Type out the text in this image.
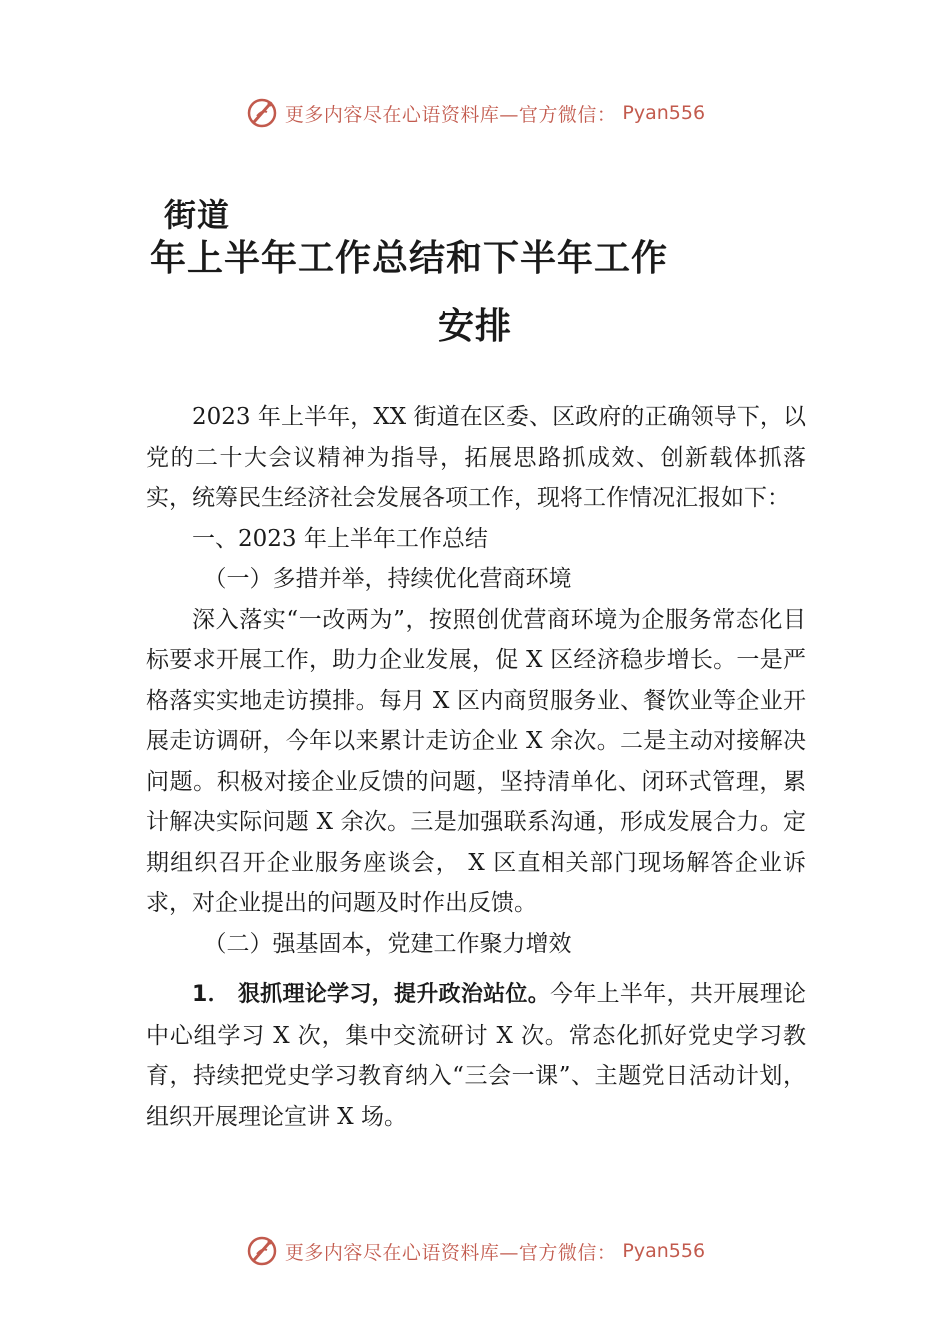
更多内容尽在心语资料库—官方微信： Pyan556
街道
年上半年工作总结和下半年工作
安排

2023 年上半年，XX 街道在区委、区政府的正确领导下，以党的二十大会议精神为指导，拓展思路抓成效、创新载体抓落实，统筹民生经济社会发展各项工作，现将工作情况汇报如下：

一、2023 年上半年工作总结

（一）多措并举，持续优化营商环境

深入落实“一改两为”，按照创优营商环境为企服务常态化目标要求开展工作，助力企业发展，促 X 区经济稳步增长。一是严格落实实地走访摸排。每月 X 区内商贸服务业、餐饮业等企业开展走访调研，今年以来累计走访企业 X 余次。二是主动对接解决问题。积极对接企业反馈的问题，坚持清单化、闭环式管理，累计解决实际问题 X 余次。三是加强联系沟通，形成发展合力。定期组织召开企业服务座谈会， X 区直相关部门现场解答企业诉求，对企业提出的问题及时作出反馈。

（二）强基固本，党建工作聚力增效

1． 狠抓理论学习，提升政治站位。今年上半年，共开展理论中心组学习 X 次，集中交流研讨 X 次。常态化抓好党史学习教育，持续把党史学习教育纳入“三会一课”、主题党日活动计划，组织开展理论宣讲 X 场。

更多内容尽在心语资料库—官方微信： Pyan556
